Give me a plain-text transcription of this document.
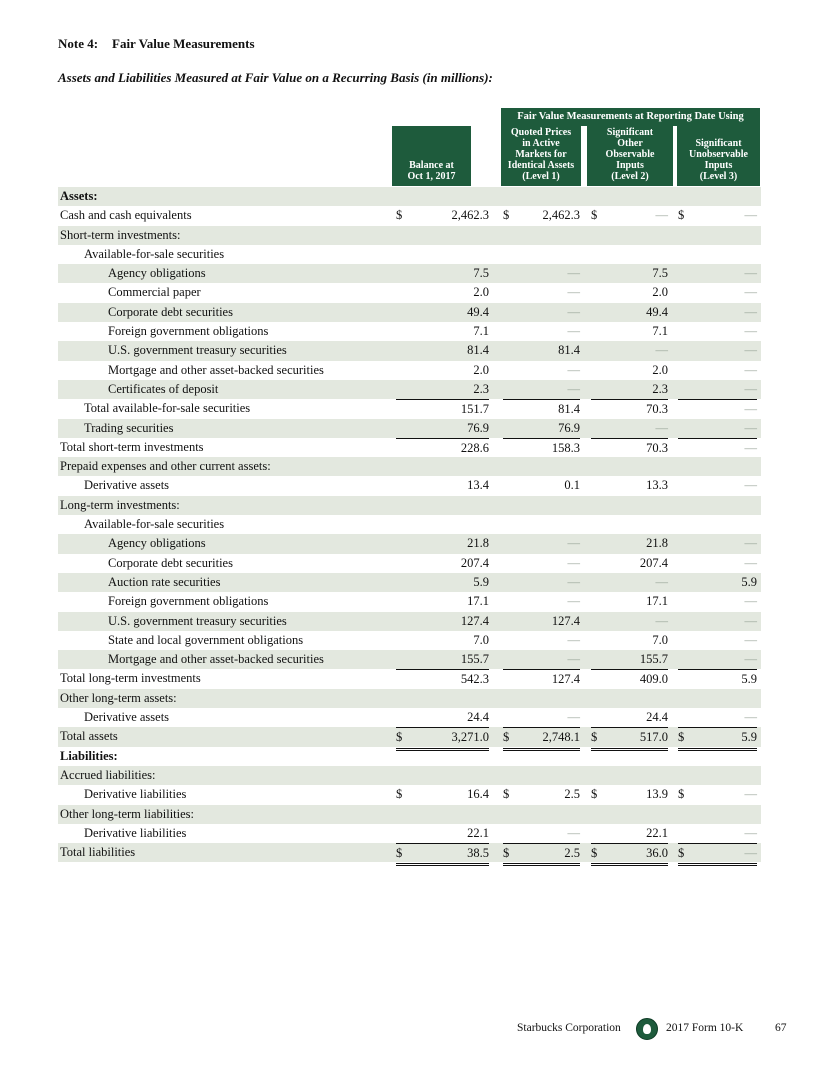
Note 4: Fair Value Measurements
Assets and Liabilities Measured at Fair Value on a Recurring Basis (in millions):
Fair Value Measurements at Reporting Date Using
Balance at
Oct 1, 2017
Quoted Prices
in Active
Markets for
Identical Assets
(Level 1)
Significant
Other
Observable
Inputs
(Level 2)
Significant
Unobservable
Inputs
(Level 3)
Assets:
Cash and cash equivalents	$	2,462.3 $	2,462.3 $	— $	—
Short-term investments:
Available-for-sale securities
Agency obligations	7.5	—	7.5	—
Commercial paper	2.0	—	2.0	—
Corporate debt securities	49.4	—	49.4	—
Foreign government obligations	7.1	—	7.1	—
U.S. government treasury securities	81.4	81.4	—	—
Mortgage and other asset-backed securities	2.0	—	2.0	—
Certificates of deposit	2.3	—	2.3	—
Total available-for-sale securities	151.7	81.4	70.3	—
Trading securities	76.9	76.9	—	—
Total short-term investments	228.6	158.3	70.3	—
Prepaid expenses and other current assets:
Derivative assets	13.4	0.1	13.3	—
Long-term investments:
Available-for-sale securities
Agency obligations	21.8	—	21.8	—
Corporate debt securities	207.4	—	207.4	—
Auction rate securities	5.9	—	—	5.9
Foreign government obligations	17.1	—	17.1	—
U.S. government treasury securities	127.4	127.4	—	—
State and local government obligations	7.0	—	7.0	—
Mortgage and other asset-backed securities	155.7	—	155.7	—
Total long-term investments	542.3	127.4	409.0	5.9
Other long-term assets:
Derivative assets	24.4	—	24.4	—
Total assets	$	3,271.0 $	2,748.1 $	517.0 $	5.9
Liabilities:
Accrued liabilities:
Derivative liabilities	$	16.4 $	2.5 $	13.9 $	—
Other long-term liabilities:
Derivative liabilities	22.1	—	22.1	—
Total liabilities	$	38.5 $	2.5 $	36.0 $	—
Starbucks Corporation	2017 Form 10-K	67
